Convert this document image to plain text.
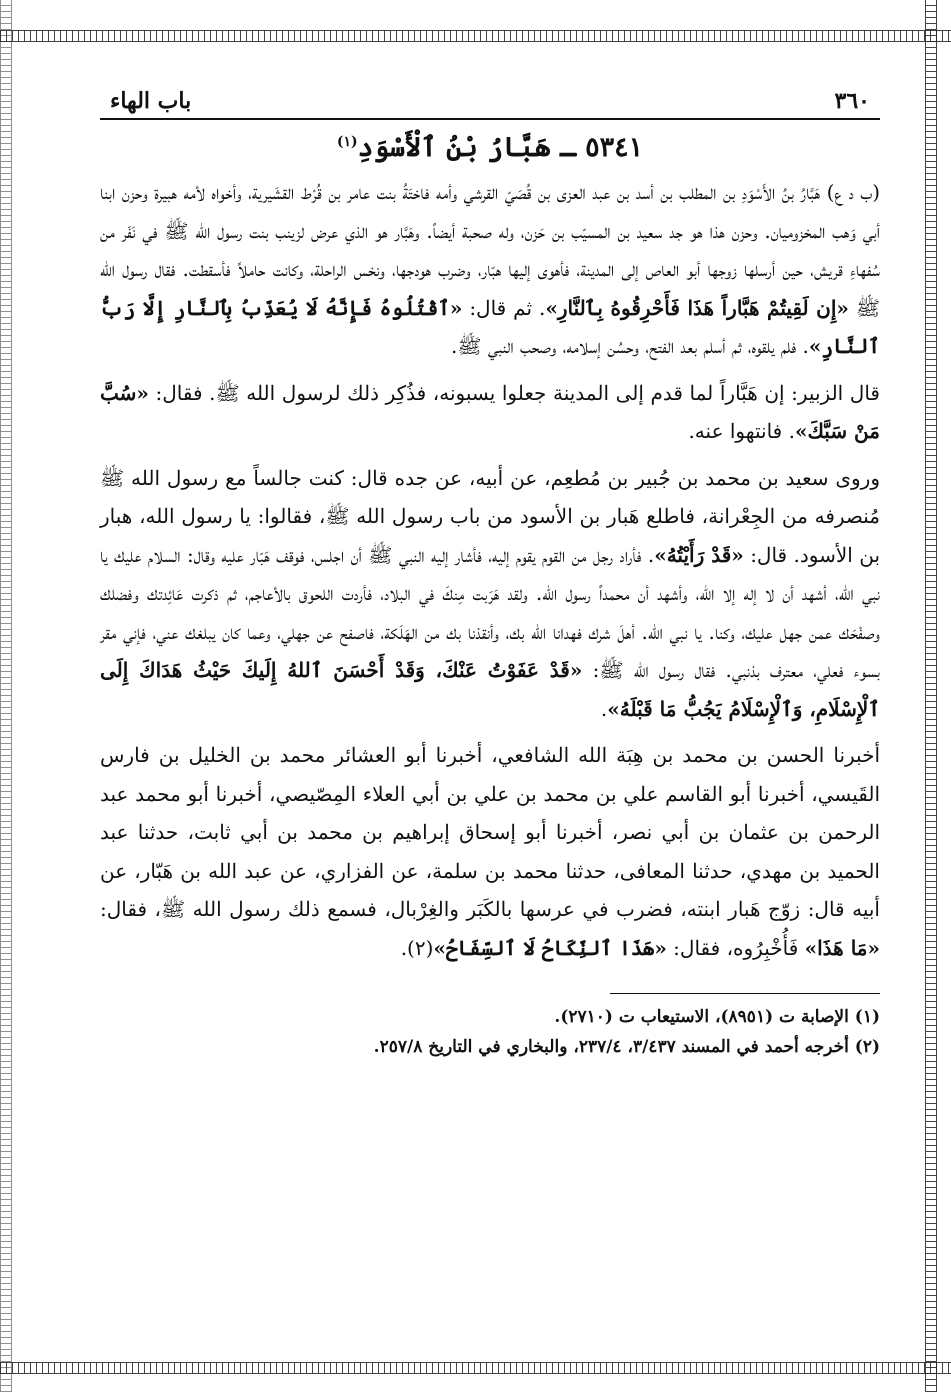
٣٦٠
باب الهاء
٥٣٤١ ـ هَبَّارُ بْنُ ٱلْأَسْوَدِ$^{(١)}$

(ب د ع) هَبَّارُ بنُ الأَسْوَدِ بن المطلب بن أسد بن عبد العزى بن قُصَيّ القرشي وأمه فاختَةُ بنت عامر بن قُرْط القشَيرية، وأخواه لأمه هبيرة وحزن ابنا أبي وَهب المخزوميان. وحزن هذا هو جد سعيد بن المسيّب بن حَزن، وله صحبة أيضاً. وهَبَّار هو الذي عرض لزينب بنت رسول الله ﷺ في نَفَر من سُفهاءِ قريش، حين أرسلها زوجها أبو العاص إلى المدينة، فأهوى إليها هبّار، وضرب هودجها، ونخس الراحلة، وكانت حاملاً فأسقطت. فقال رسول الله ﷺ «إِن لَقِيتُمْ هَبَّاراً هَذَا فَأَحْرِقُوهُ بِٱلنَّارِ». ثم قال: «ٱقْتُلُوهُ فَإِنَّهُ لَا يُعَذِّبُ بِٱلنَّارِ إِلَّا رَبُّ ٱلنَّارِ». فلم يلقوه، ثم أسلم بعد الفتح، وحسُن إسلامه، وصحب النبي ﷺ.

قال الزبير: إن هَبَّاراً لما قدم إلى المدينة جعلوا يسبونه، فذُكِر ذلك لرسول الله ﷺ. فقال: «سُبَّ مَنْ سَبَّكَ». فانتهوا عنه.

وروى سعيد بن محمد بن جُبير بن مُطعِم، عن أبيه، عن جده قال: كنت جالساً مع رسول الله ﷺ مُنصرفه من الجِعْرانة، فاطلع هَبار بن الأسود من باب رسول الله ﷺ، فقالوا: يا رسول الله، هبار بن الأسود. قال: «قَدْ رَأَيْتُهُ». فأراد رجل من القوم يقوم إليه، فأشار إليه النبي ﷺ أن اجلس، فوقف هَبّار عليه وقال: السلام عليك يا نبي الله، أشهد أن لا إله إلا الله، وأشهد أن محمداً رسول الله. ولقد هَرَبت مِنكَ في البلاد، فأردت اللحوق بالأعاجم، ثم ذكرت عَائِدتك وفضلك وصفْحَك عمن جهل عليك، وكنا. يا نبي الله. أهلَ شرك فهدانا الله بك، وأنقذنا بك من الهَلَكة، فاصفح عن جهلي، وعما كان يبلغك عني، فإني مقر بسوء فعلي، معترف بذنبي. فقال رسول الله ﷺ: «قَدْ عَفَوْتُ عَنْكَ، وَقَدْ أَحْسَنَ ٱللهُ إِلَيكَ حَيْثُ هَدَاكَ إِلَى ٱلْإِسْلَامِ، وَٱلْإِسْلَامُ يَجُبُّ مَا قَبْلَهُ».

أخبرنا الحسن بن محمد بن هِبَة الله الشافعي، أخبرنا أبو العشائر محمد بن الخليل بن فارس القَيسي، أخبرنا أبو القاسم علي بن محمد بن علي بن أبي العلاء المِصّيصي، أخبرنا أبو محمد عبد الرحمن بن عثمان بن أبي نصر، أخبرنا أبو إسحاق إبراهيم بن محمد بن أبي ثابت، حدثنا عبد الحميد بن مهدي، حدثنا المعافى، حدثنا محمد بن سلمة، عن الفزاري، عن عبد الله بن هَبّار، عن أبيه قال: زوّج هَبار ابنته، فضرب في عرسها بالكَبَر والغِرْبال، فسمع ذلك رسول الله ﷺ، فقال: «مَا هَذَا» فَأُخْبِرُوه، فقال: «هَذَا ٱلنِّكَاحُ لَا ٱلسِّفَاحُ»(٢).

(١) الإصابة ت (٨٩٥١)، الاستيعاب ت (٢٧١٠).

(٢) أخرجه أحمد في المسند ٣/٤٣٧، ٢٣٧/٤، والبخاري في التاريخ ٢٥٧/٨.
